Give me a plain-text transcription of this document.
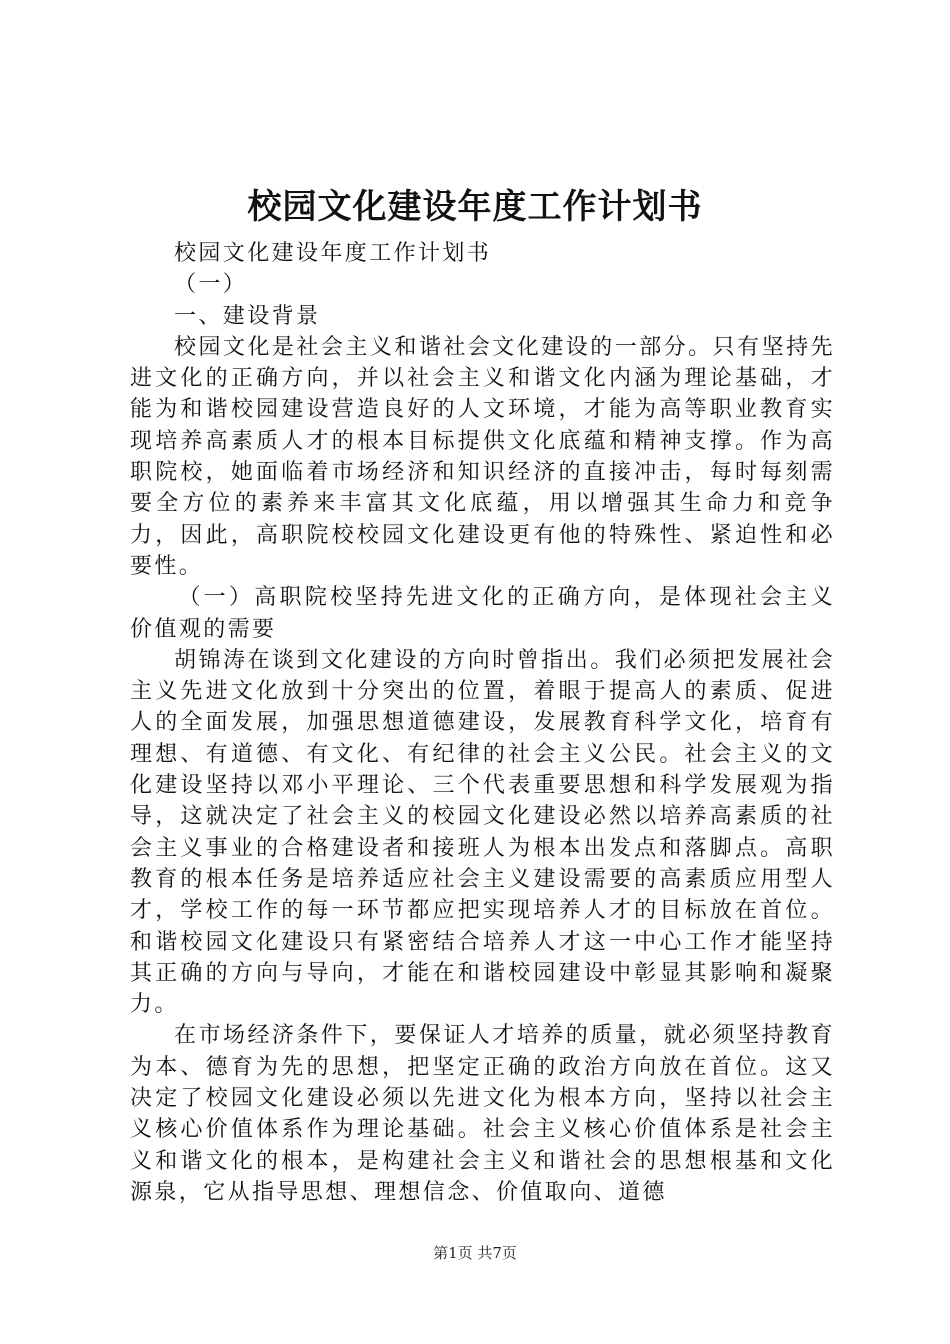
校园文化建设年度工作计划书

校园文化建设年度工作计划书

（一）

一、建设背景

校园文化是社会主义和谐社会文化建设的一部分。只有坚持先进文化的正确方向，并以社会主义和谐文化内涵为理论基础，才能为和谐校园建设营造良好的人文环境，才能为高等职业教育实现培养高素质人才的根本目标提供文化底蕴和精神支撑。作为高职院校，她面临着市场经济和知识经济的直接冲击，每时每刻需要全方位的素养来丰富其文化底蕴，用以增强其生命力和竞争力，因此，高职院校校园文化建设更有他的特殊性、紧迫性和必要性。

（一）高职院校坚持先进文化的正确方向，是体现社会主义价值观的需要

胡锦涛在谈到文化建设的方向时曾指出。我们必须把发展社会主义先进文化放到十分突出的位置，着眼于提高人的素质、促进人的全面发展，加强思想道德建设，发展教育科学文化，培育有理想、有道德、有文化、有纪律的社会主义公民。社会主义的文化建设坚持以邓小平理论、三个代表重要思想和科学发展观为指导，这就决定了社会主义的校园文化建设必然以培养高素质的社会主义事业的合格建设者和接班人为根本出发点和落脚点。高职教育的根本任务是培养适应社会主义建设需要的高素质应用型人才，学校工作的每一环节都应把实现培养人才的目标放在首位。和谐校园文化建设只有紧密结合培养人才这一中心工作才能坚持其正确的方向与导向，才能在和谐校园建设中彰显其影响和凝聚力。

在市场经济条件下，要保证人才培养的质量，就必须坚持教育为本、德育为先的思想，把坚定正确的政治方向放在首位。这又决定了校园文化建设必须以先进文化为根本方向，坚持以社会主义核心价值体系作为理论基础。社会主义核心价值体系是社会主义和谐文化的根本，是构建社会主义和谐社会的思想根基和文化源泉，它从指导思想、理想信念、价值取向、道德

第1页 共7页
